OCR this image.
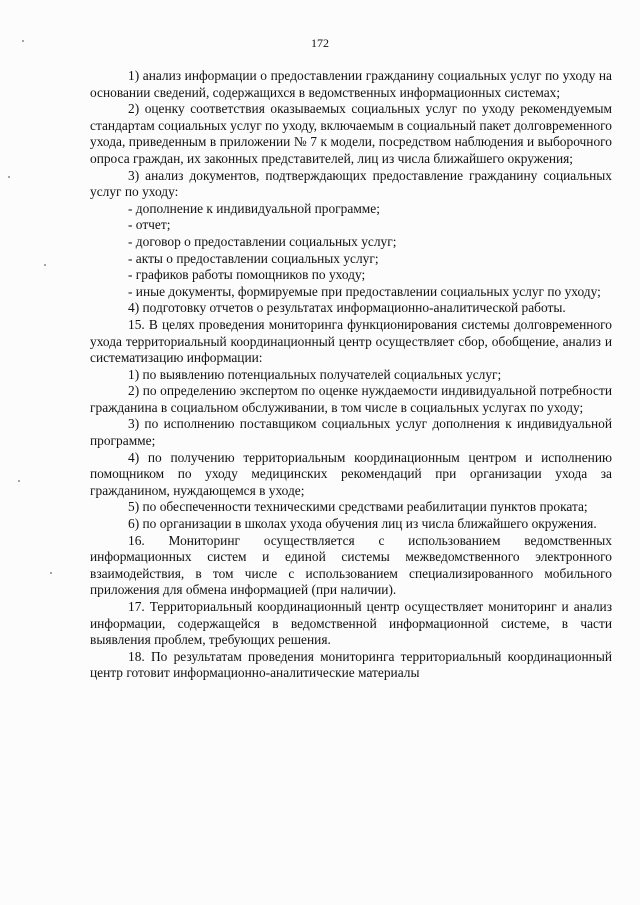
172

1) анализ информации о предоставлении гражданину социальных услуг по уходу на основании сведений, содержащихся в ведомственных информационных системах;

2) оценку соответствия оказываемых социальных услуг по уходу рекомендуемым стандартам социальных услуг по уходу, включаемым в социальный пакет долговременного ухода, приведенным в приложении № 7 к модели, посредством наблюдения и выборочного опроса граждан, их законных представителей, лиц из числа ближайшего окружения;

3) анализ документов, подтверждающих предоставление гражданину социальных услуг по уходу:

- дополнение к индивидуальной программе;

- отчет;

- договор о предоставлении социальных услуг;

- акты о предоставлении социальных услуг;

- графиков работы помощников по уходу;

- иные документы, формируемые при предоставлении социальных услуг по уходу;

4) подготовку отчетов о результатах информационно-аналитической работы.

15. В целях проведения мониторинга функционирования системы долговременного ухода территориальный координационный центр осуществляет сбор, обобщение, анализ и систематизацию информации:

1) по выявлению потенциальных получателей социальных услуг;

2) по определению экспертом по оценке нуждаемости индивидуальной потребности гражданина в социальном обслуживании, в том числе в социальных услугах по уходу;

3) по исполнению поставщиком социальных услуг дополнения к индивидуальной программе;

4) по получению территориальным координационным центром и исполнению помощником по уходу медицинских рекомендаций при организации ухода за гражданином, нуждающемся в уходе;

5) по обеспеченности техническими средствами реабилитации пунктов проката;

6) по организации в школах ухода обучения лиц из числа ближайшего окружения.

16. Мониторинг осуществляется с использованием ведомственных информационных систем и единой системы межведомственного электронного взаимодействия, в том числе с использованием специализированного мобильного приложения для обмена информацией (при наличии).

17. Территориальный координационный центр осуществляет мониторинг и анализ информации, содержащейся в ведомственной информационной системе, в части выявления проблем, требующих решения.

18. По результатам проведения мониторинга территориальный координационный центр готовит информационно-аналитические материалы
